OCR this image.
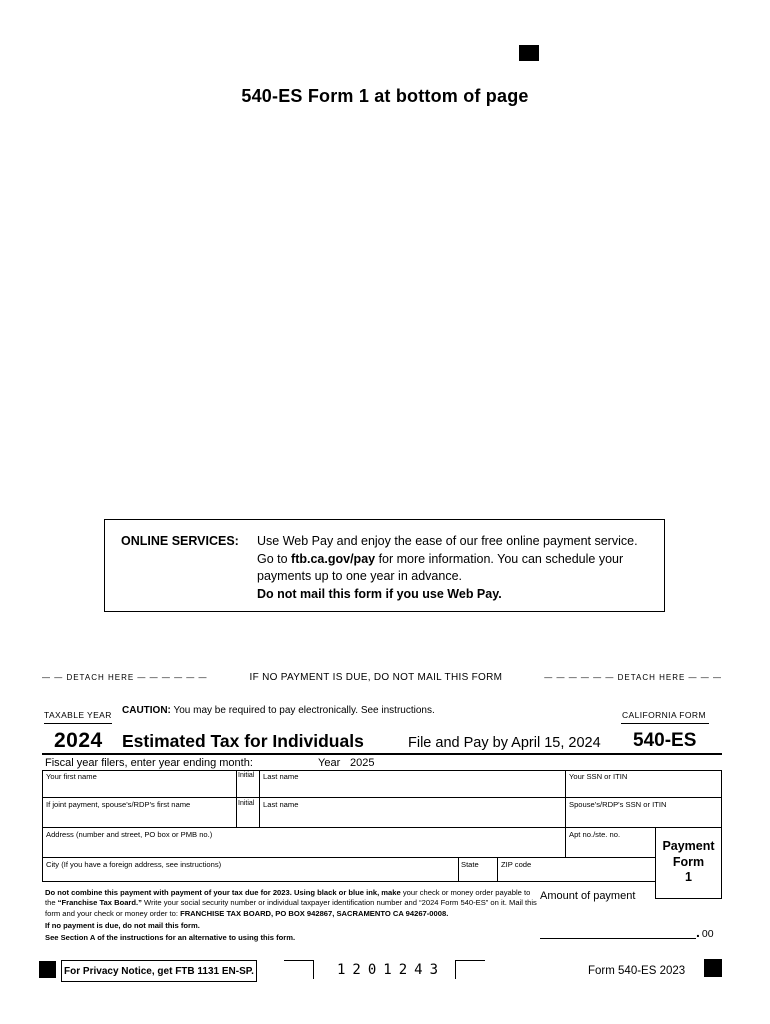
540-ES Form 1 at bottom of page
ONLINE SERVICES: Use Web Pay and enjoy the ease of our free online payment service.
Go to ftb.ca.gov/pay for more information. You can schedule your payments up to one year in advance.
Do not mail this form if you use Web Pay.
— — DETACH HERE — — — — — —	IF NO PAYMENT IS DUE, DO NOT MAIL THIS FORM	— — — — — — DETACH HERE — — —
TAXABLE YEAR CAUTION: You may be required to pay electronically. See instructions.	CALIFORNIA FORM
2024 Estimated Tax for Individuals	File and Pay by April 15, 2024 540-ES
Fiscal year filers, enter year ending month:	Year 2025
Your first name	Initial Last name	Your SSN or ITIN
If joint payment, spouse's/RDP's first name	Initial Last name	Spouse's/RDP's SSN or ITIN
Address (number and street, PO box or PMB no.)	Apt no./ste. no.
City (If you have a foreign address, see instructions)	State	ZIP code
Payment
Form
1
Do not combine this payment with payment of your tax due for 2023. Using black or blue ink, make your check or money order payable to the “Franchise Tax Board.” Write your social security number or individual taxpayer identification number and “2024 Form 540-ES” on it. Mail this form and your check or money order to: FRANCHISE TAX BOARD, PO BOX 942867, SACRAMENTO CA 94267-0008.
If no payment is due, do not mail this form.
See Section A of the instructions for an alternative to using this form.
Amount of payment
. 00
For Privacy Notice, get FTB 1131 EN-SP.	1201243	Form 540-ES 2023
